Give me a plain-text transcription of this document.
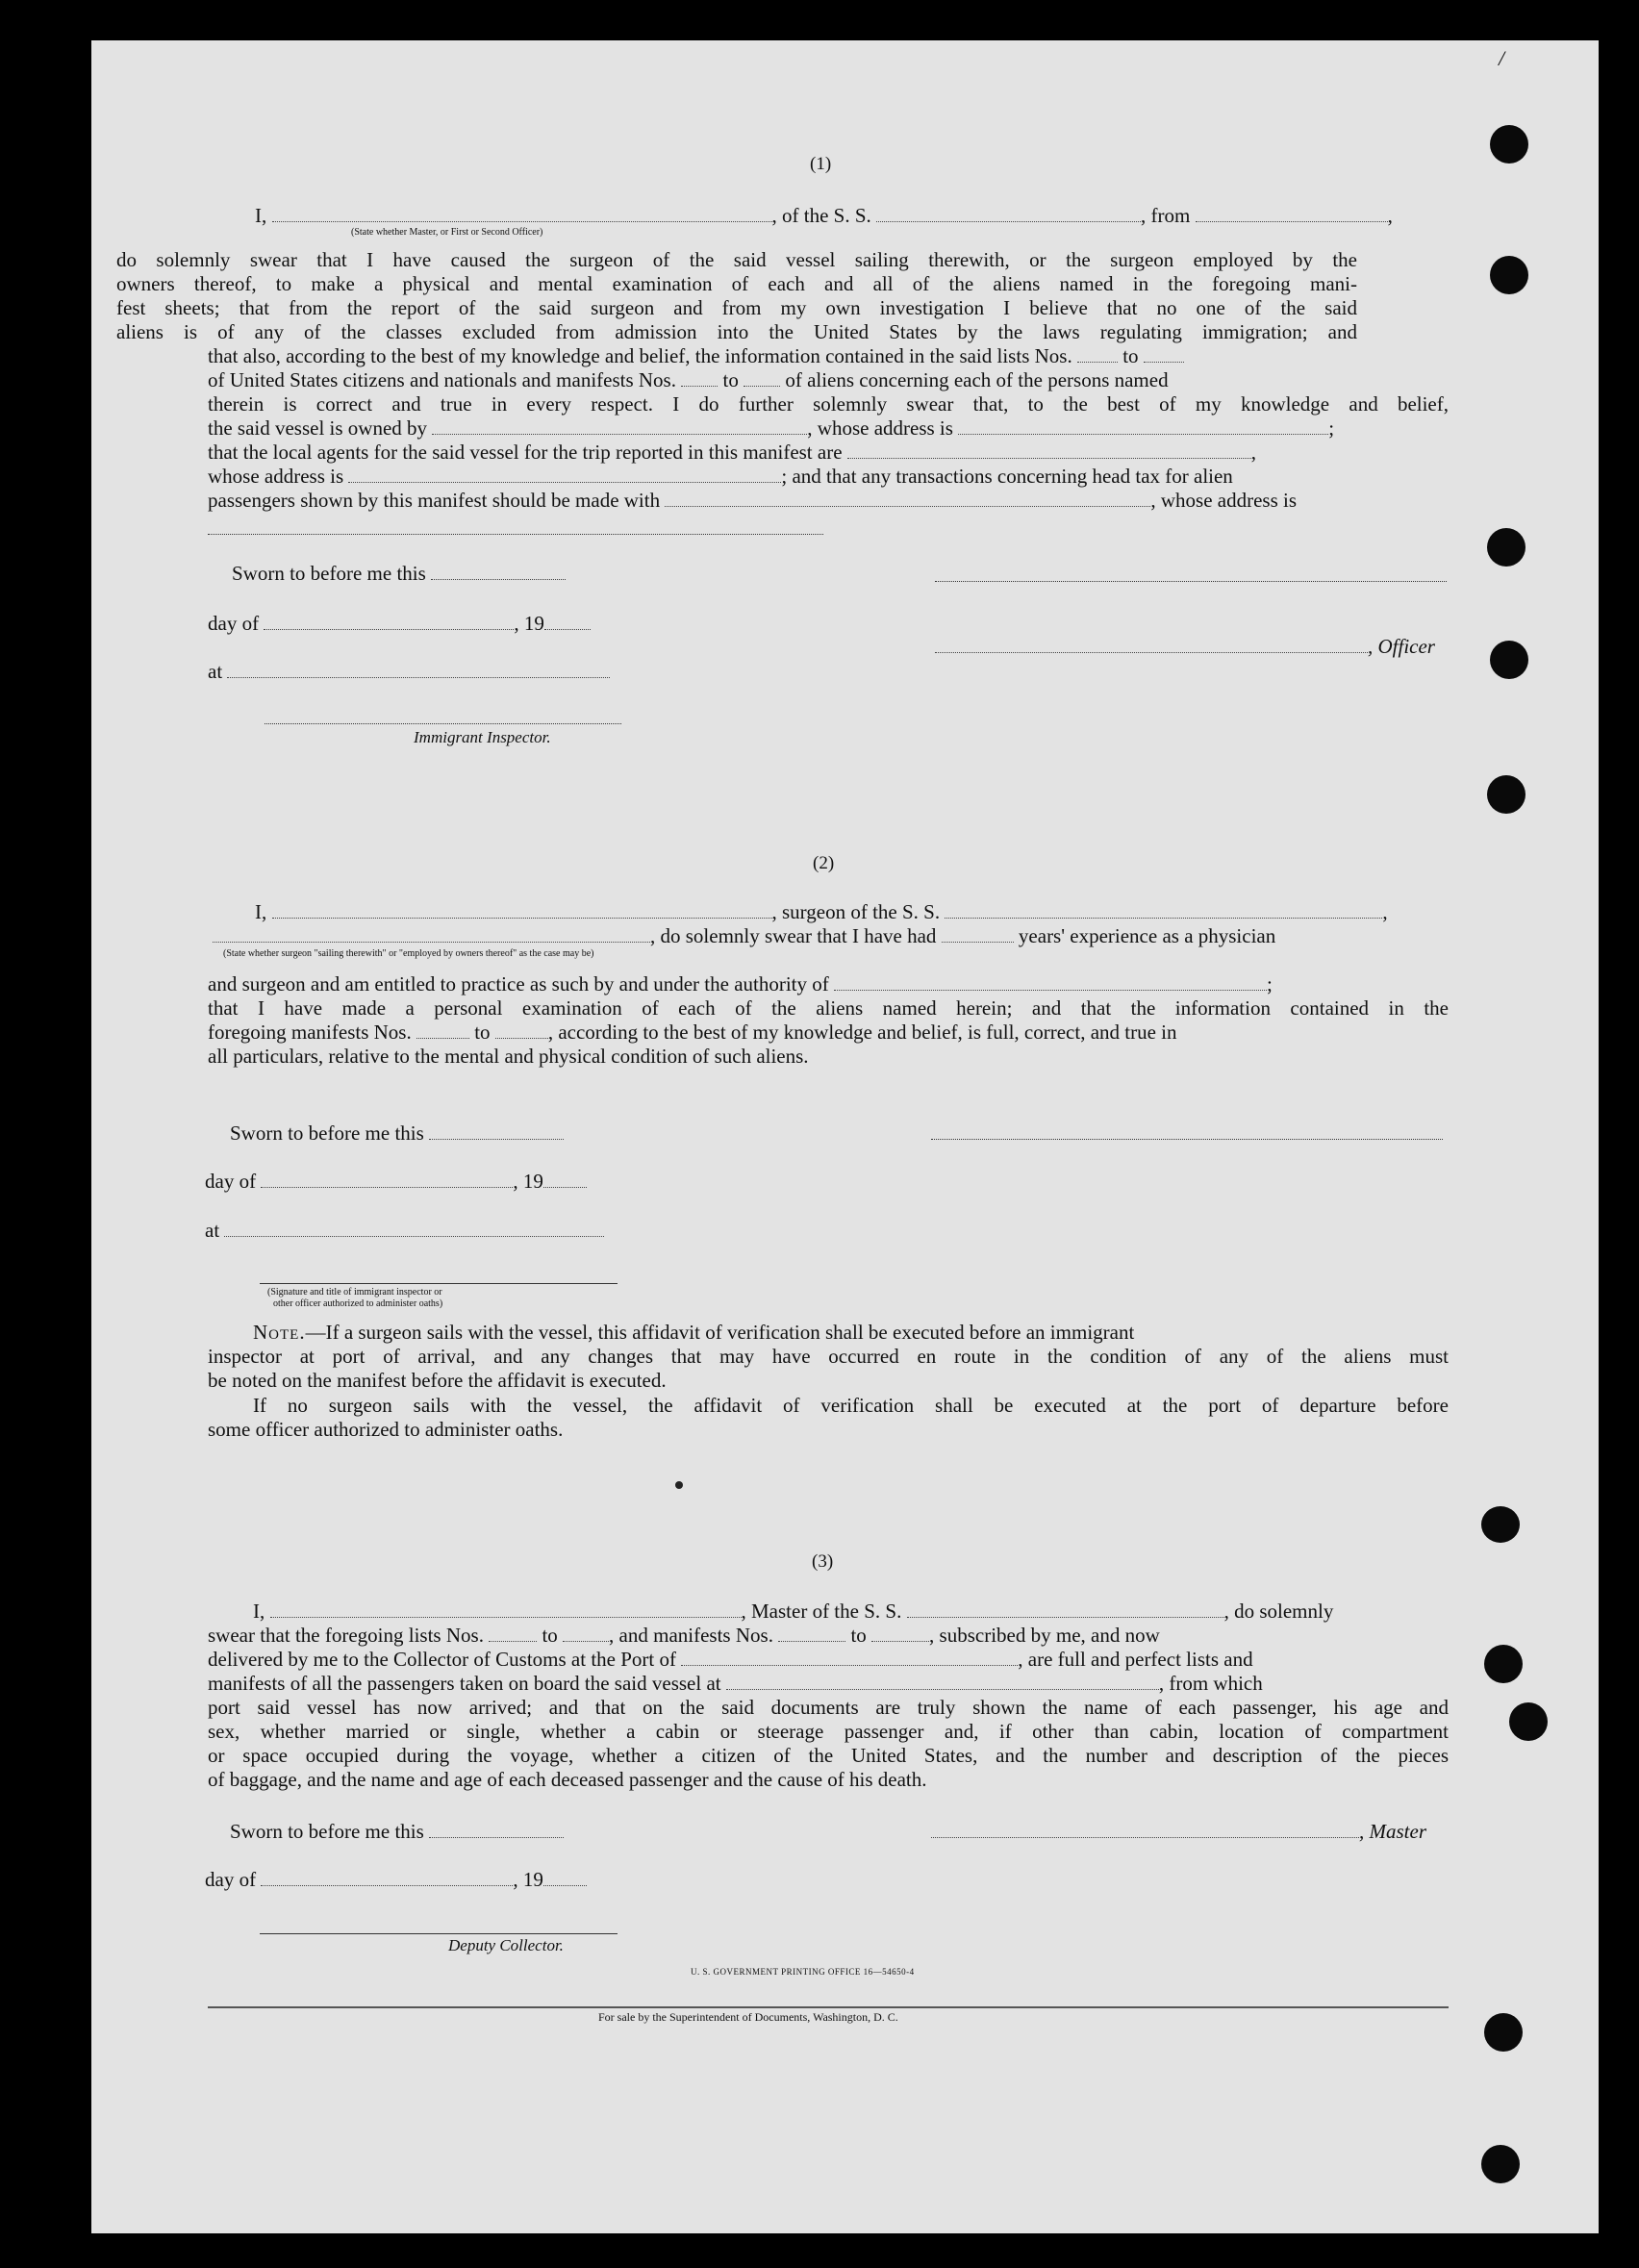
/
(1)
I,	, of the S. S.	, from	,
(State whether Master, or First or Second Officer)
do solemnly swear that I have caused the surgeon of the said vessel sailing therewith, or the surgeon employed by the
owners thereof, to make a physical and mental examination of each and all of the aliens named in the foregoing mani-
fest sheets; that from the report of the said surgeon and from my own investigation I believe that no one of the said
aliens is of any of the classes excluded from admission into the United States by the laws regulating immigration; and
that also, according to the best of my knowledge and belief, the information contained in the said lists Nos.	to
of United States citizens and nationals and manifests Nos. to of aliens concerning each of the persons named
therein is correct and true in every respect. I do further solemnly swear that, to the best of my knowledge and belief,
the said vessel is owned by	, whose address is	;
that the local agents for the said vessel for the trip reported in this manifest are	,
whose address is	; and that any transactions concerning head tax for alien
passengers shown by this manifest should be made with	, whose address is
Sworn to before me this
day of	, 19
, Officer
at
Immigrant Inspector.
(2)
I,	, surgeon of the S. S.	,
, do solemnly swear that I have had	years' experience as a physician
(State whether surgeon "sailing therewith" or "employed by owners thereof" as the case may be)
and surgeon and am entitled to practice as such by and under the authority of	;
that I have made a personal examination of each of the aliens named herein; and that the information contained in the
foregoing manifests Nos.	to	, according to the best of my knowledge and belief, is full, correct, and true in
all particulars, relative to the mental and physical condition of such aliens.
Sworn to before me this
day of	, 19
at
(Signature and title of immigrant inspector or
other officer authorized to administer oaths)
Note.—If a surgeon sails with the vessel, this affidavit of verification shall be executed before an immigrant
inspector at port of arrival, and any changes that may have occurred en route in the condition of any of the aliens must
be noted on the manifest before the affidavit is executed.
If no surgeon sails with the vessel, the affidavit of verification shall be executed at the port of departure before
some officer authorized to administer oaths.
(3)
I,	, Master of the S. S.	, do solemnly
swear that the foregoing lists Nos.	to	, and manifests Nos.	to	, subscribed by me, and now
delivered by me to the Collector of Customs at the Port of	, are full and perfect lists and
manifests of all the passengers taken on board the said vessel at	, from which
port said vessel has now arrived; and that on the said documents are truly shown the name of each passenger, his age and
sex, whether married or single, whether a cabin or steerage passenger and, if other than cabin, location of compartment
or space occupied during the voyage, whether a citizen of the United States, and the number and description of the pieces
of baggage, and the name and age of each deceased passenger and the cause of his death.
Sworn to before me this	, Master
day of	, 19
Deputy Collector.
U. S. GOVERNMENT PRINTING OFFICE 16—54650-4
For sale by the Superintendent of Documents, Washington, D. C.
